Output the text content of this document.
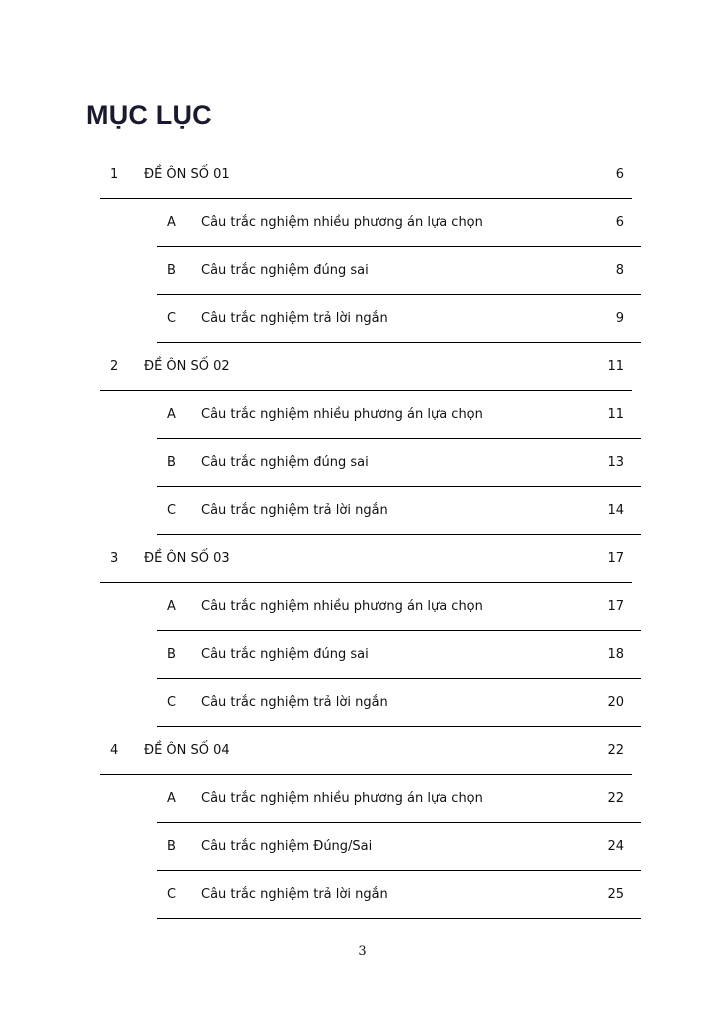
MỤC LỤC
1 ĐỀ ÔN SỐ 01	6
A Câu trắc nghiệm nhiều phương án lựa chọn	6
B Câu trắc nghiệm đúng sai	8
C Câu trắc nghiệm trả lời ngắn	9
2 ĐỀ ÔN SỐ 02	11
A Câu trắc nghiệm nhiều phương án lựa chọn	11
B Câu trắc nghiệm đúng sai	13
C Câu trắc nghiệm trả lời ngắn	14
3 ĐỀ ÔN SỐ 03	17
A Câu trắc nghiệm nhiều phương án lựa chọn	17
B Câu trắc nghiệm đúng sai	18
C Câu trắc nghiệm trả lời ngắn	20
4 ĐỀ ÔN SỐ 04	22
A Câu trắc nghiệm nhiều phương án lựa chọn	22
B Câu trắc nghiệm Đúng/Sai	24
C Câu trắc nghiệm trả lời ngắn	25
3
